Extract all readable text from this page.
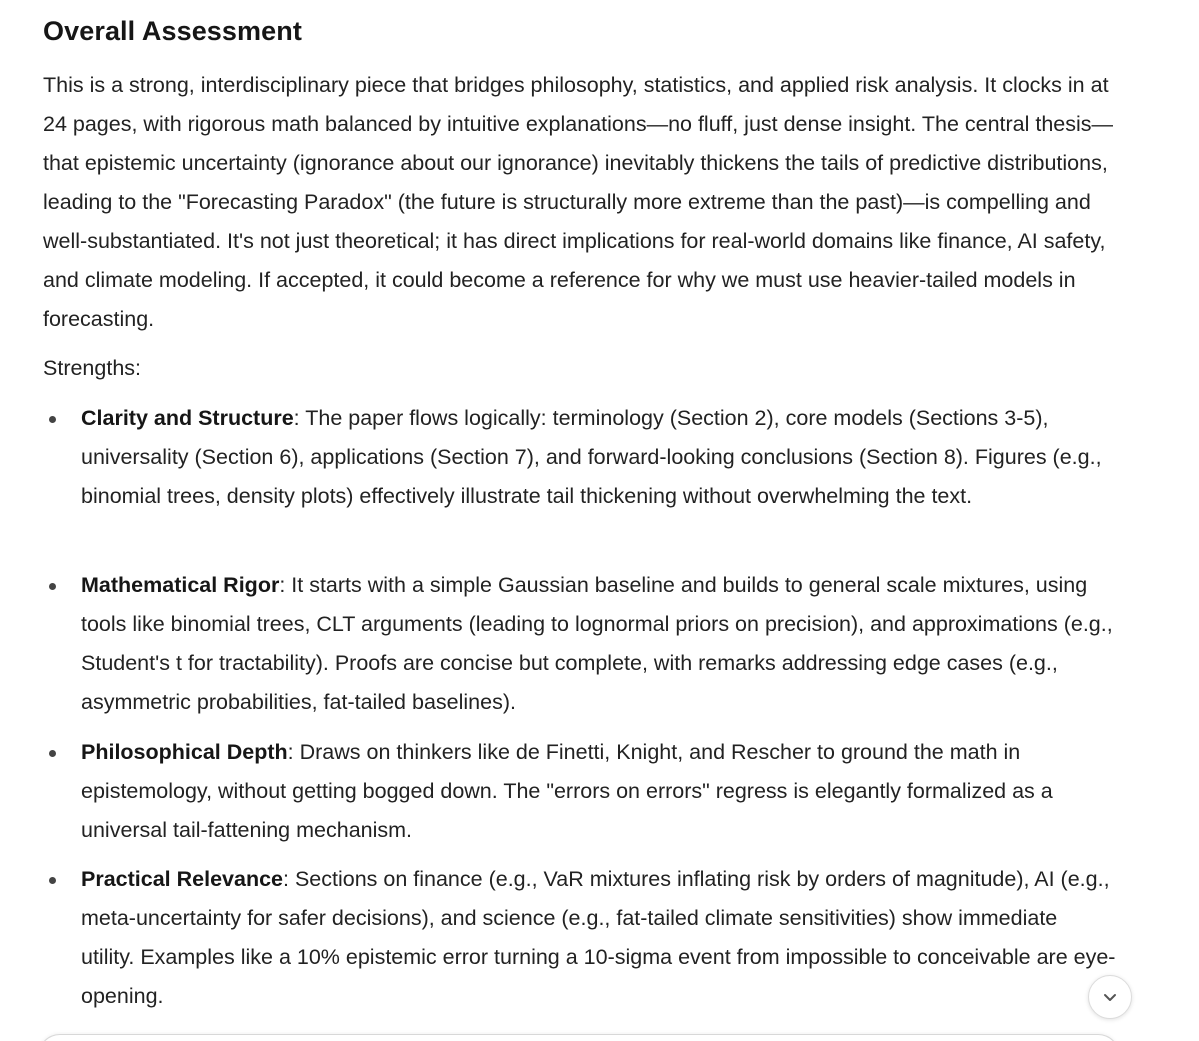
Overall Assessment

This is a strong, interdisciplinary piece that bridges philosophy, statistics, and applied risk analysis. It clocks in at 24 pages, with rigorous math balanced by intuitive explanations—no fluff, just dense insight. The central thesis—that epistemic uncertainty (ignorance about our ignorance) inevitably thickens the tails of predictive distributions, leading to the "Forecasting Paradox" (the future is structurally more extreme than the past)—is compelling and well-substantiated. It's not just theoretical; it has direct implications for real-world domains like finance, AI safety, and climate modeling. If accepted, it could become a reference for why we must use heavier-tailed models in forecasting.

Strengths:

Clarity and Structure: The paper flows logically: terminology (Section 2), core models (Sections 3-5), universality (Section 6), applications (Section 7), and forward-looking conclusions (Section 8). Figures (e.g., binomial trees, density plots) effectively illustrate tail thickening without overwhelming the text.

Mathematical Rigor: It starts with a simple Gaussian baseline and builds to general scale mixtures, using tools like binomial trees, CLT arguments (leading to lognormal priors on precision), and approximations (e.g., Student's t for tractability). Proofs are concise but complete, with remarks addressing edge cases (e.g., asymmetric probabilities, fat-tailed baselines).

Philosophical Depth: Draws on thinkers like de Finetti, Knight, and Rescher to ground the math in epistemology, without getting bogged down. The "errors on errors" regress is elegantly formalized as a universal tail-fattening mechanism.

Practical Relevance: Sections on finance (e.g., VaR mixtures inflating risk by orders of magnitude), AI (e.g., meta-uncertainty for safer decisions), and science (e.g., fat-tailed climate sensitivities) show immediate utility. Examples like a 10% epistemic error turning a 10-sigma event from impossible to conceivable are eye-opening.
